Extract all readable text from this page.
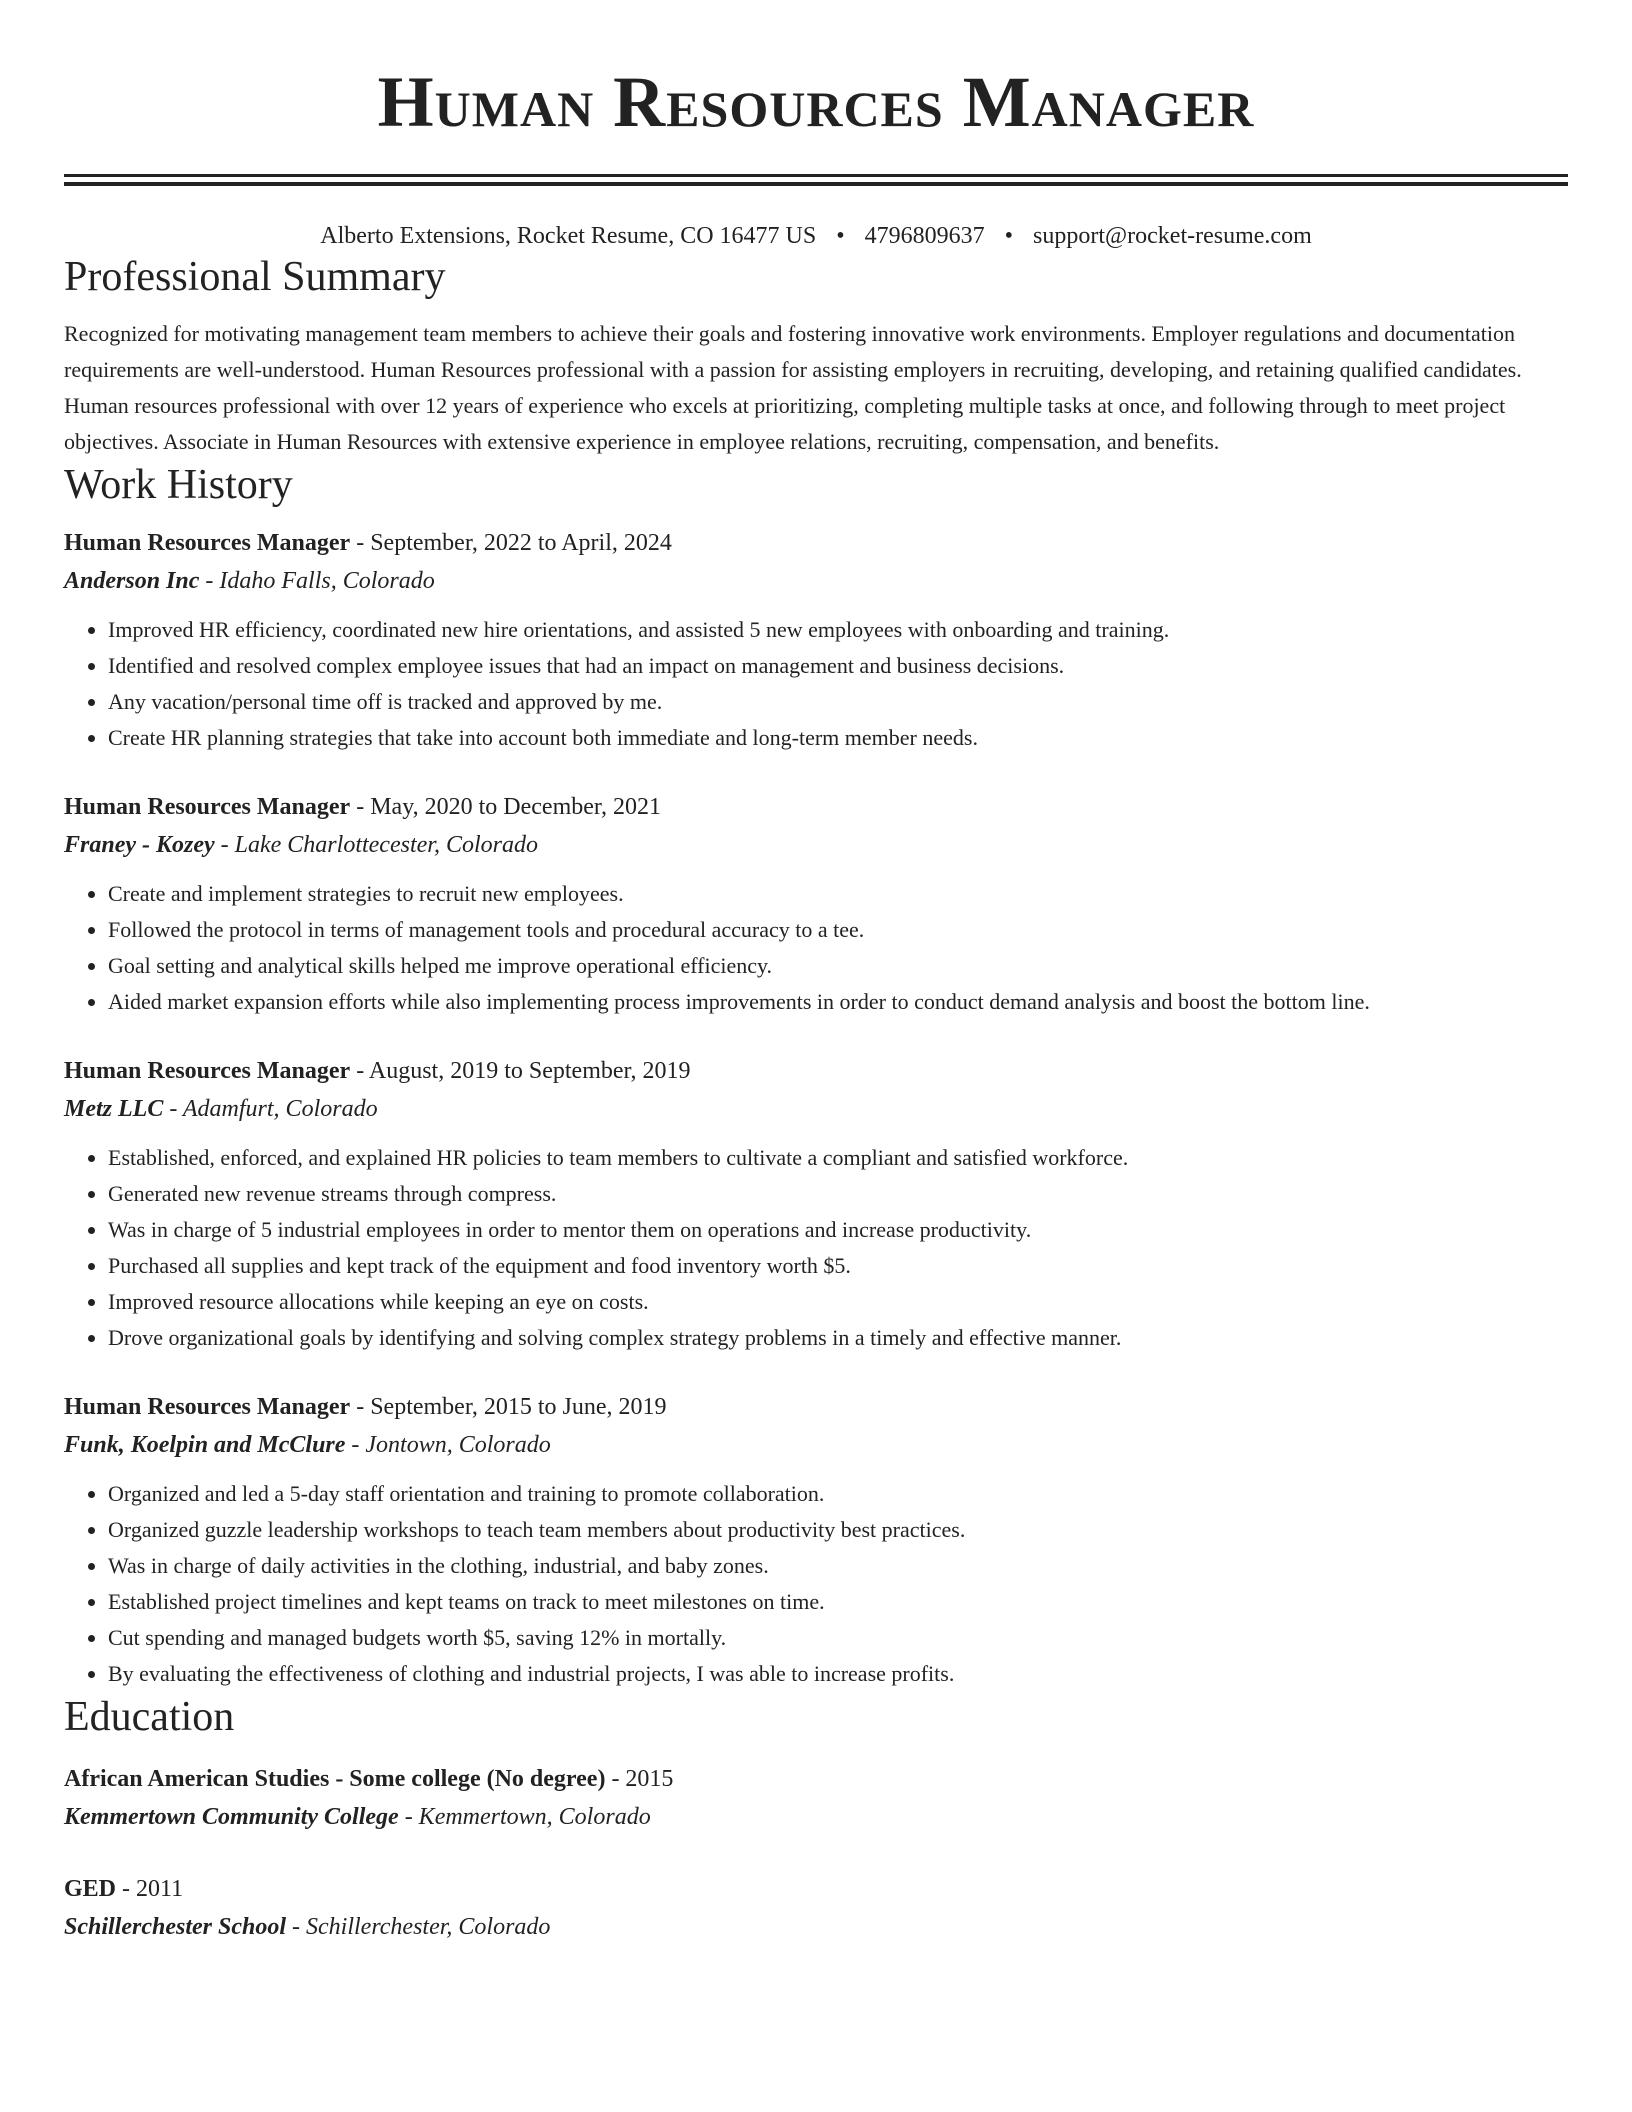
Human Resources Manager
Alberto Extensions, Rocket Resume, CO 16477 US • 4796809637 • support@rocket-resume.com
Professional Summary
Recognized for motivating management team members to achieve their goals and fostering innovative work environments. Employer regulations and documentation requirements are well-understood. Human Resources professional with a passion for assisting employers in recruiting, developing, and retaining qualified candidates. Human resources professional with over 12 years of experience who excels at prioritizing, completing multiple tasks at once, and following through to meet project objectives. Associate in Human Resources with extensive experience in employee relations, recruiting, compensation, and benefits.
Work History
Human Resources Manager - September, 2022 to April, 2024
Anderson Inc - Idaho Falls, Colorado
• Improved HR efficiency, coordinated new hire orientations, and assisted 5 new employees with onboarding and training.
• Identified and resolved complex employee issues that had an impact on management and business decisions.
• Any vacation/personal time off is tracked and approved by me.
• Create HR planning strategies that take into account both immediate and long-term member needs.
Human Resources Manager - May, 2020 to December, 2021
Franey - Kozey - Lake Charlottecester, Colorado
• Create and implement strategies to recruit new employees.
• Followed the protocol in terms of management tools and procedural accuracy to a tee.
• Goal setting and analytical skills helped me improve operational efficiency.
• Aided market expansion efforts while also implementing process improvements in order to conduct demand analysis and boost the bottom line.
Human Resources Manager - August, 2019 to September, 2019
Metz LLC - Adamfurt, Colorado
• Established, enforced, and explained HR policies to team members to cultivate a compliant and satisfied workforce.
• Generated new revenue streams through compress.
• Was in charge of 5 industrial employees in order to mentor them on operations and increase productivity.
• Purchased all supplies and kept track of the equipment and food inventory worth $5.
• Improved resource allocations while keeping an eye on costs.
• Drove organizational goals by identifying and solving complex strategy problems in a timely and effective manner.
Human Resources Manager - September, 2015 to June, 2019
Funk, Koelpin and McClure - Jontown, Colorado
• Organized and led a 5-day staff orientation and training to promote collaboration.
• Organized guzzle leadership workshops to teach team members about productivity best practices.
• Was in charge of daily activities in the clothing, industrial, and baby zones.
• Established project timelines and kept teams on track to meet milestones on time.
• Cut spending and managed budgets worth $5, saving 12% in mortally.
• By evaluating the effectiveness of clothing and industrial projects, I was able to increase profits.
Education
African American Studies - Some college (No degree) - 2015
Kemmertown Community College - Kemmertown, Colorado
GED - 2011
Schillerchester School - Schillerchester, Colorado
